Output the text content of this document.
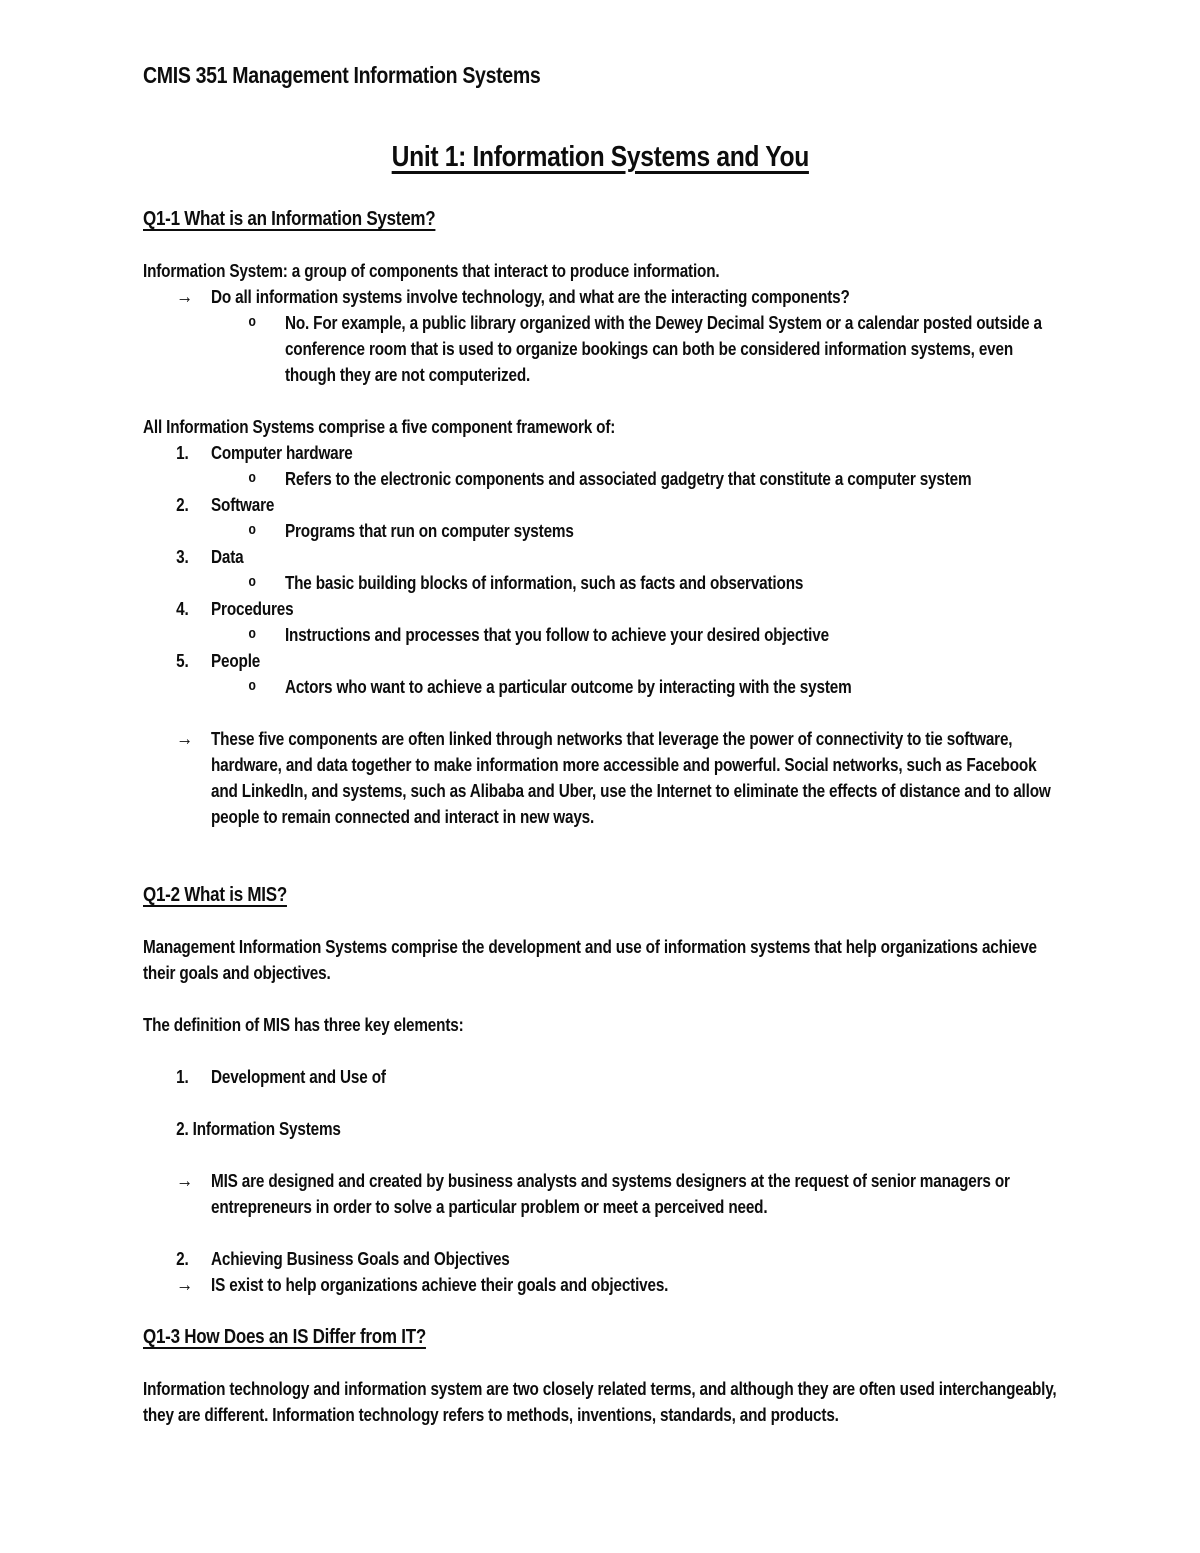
CMIS 351 Management Information Systems
Unit 1: Information Systems and You
Q1-1 What is an Information System?

Information System: a group of components that interact to produce information.

→	Do all information systems involve technology, and what are the interacting components?
o	No. For example, a public library organized with the Dewey Decimal System or a calendar posted outside a conference room that is used to organize bookings can both be considered information systems, even though they are not computerized.

All Information Systems comprise a five component framework of:

1.	Computer hardware
o	Refers to the electronic components and associated gadgetry that constitute a computer system
2.	Software
o	Programs that run on computer systems
3.	Data
o	The basic building blocks of information, such as facts and observations
4.	Procedures
o	Instructions and processes that you follow to achieve your desired objective
5.	People
o	Actors who want to achieve a particular outcome by interacting with the system
→	These five components are often linked through networks that leverage the power of connectivity to tie software, hardware, and data together to make information more accessible and powerful. Social networks, such as Facebook and LinkedIn, and systems, such as Alibaba and Uber, use the Internet to eliminate the effects of distance and to allow people to remain connected and interact in new ways.
Q1-2 What is MIS?

Management Information Systems comprise the development and use of information systems that help organizations achieve their goals and objectives.

The definition of MIS has three key elements:

1.	Development and Use of

2. Information Systems

→	MIS are designed and created by business analysts and systems designers at the request of senior managers or entrepreneurs in order to solve a particular problem or meet a perceived need.
2.	Achieving Business Goals and Objectives
→	IS exist to help organizations achieve their goals and objectives.
Q1-3 How Does an IS Differ from IT?

Information technology and information system are two closely related terms, and although they are often used interchangeably, they are different. Information technology refers to methods, inventions, standards, and products.
